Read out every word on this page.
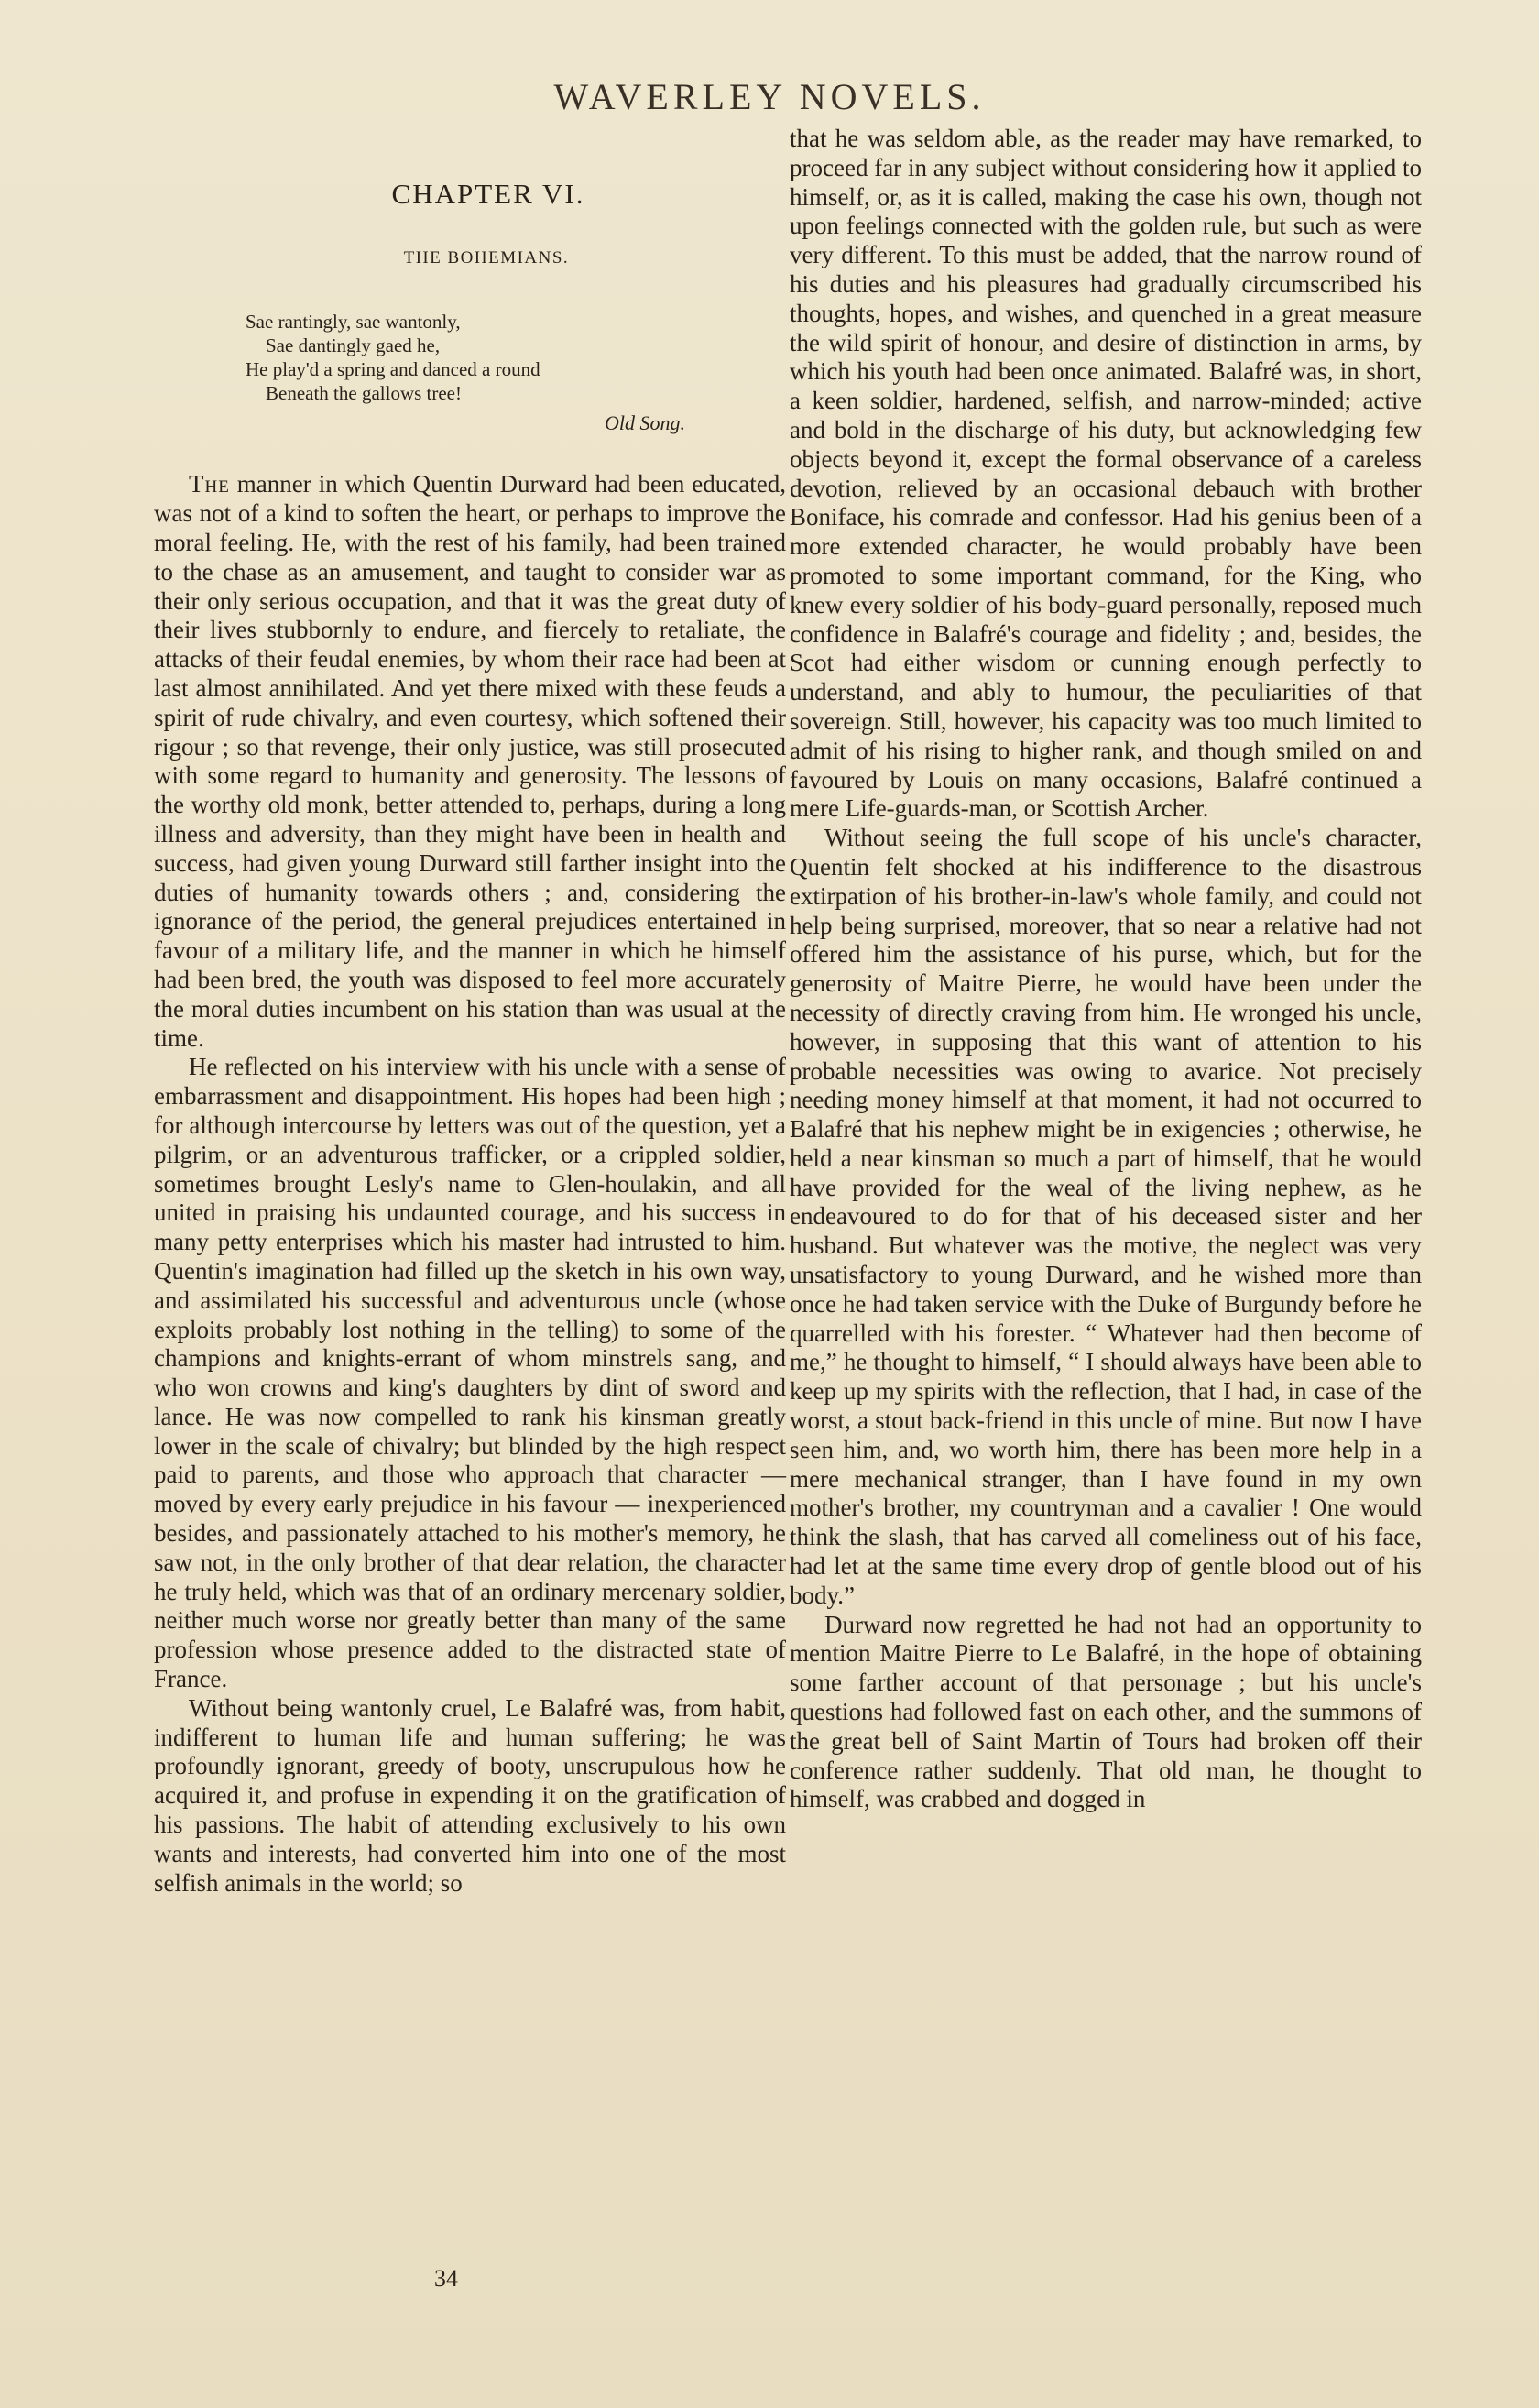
WAVERLEY NOVELS.
CHAPTER VI.
THE BOHEMIANS.
Sae rantingly, sae wantonly,
Sae dantingly gaed he,
He play'd a spring and danced a round
Beneath the gallows tree!
Old Song.

The manner in which Quentin Durward had been educated, was not of a kind to soften the heart, or perhaps to improve the moral feeling. He, with the rest of his family, had been trained to the chase as an amusement, and taught to consider war as their only serious occupation, and that it was the great duty of their lives stubbornly to endure, and fiercely to retaliate, the attacks of their feudal enemies, by whom their race had been at last almost annihilated. And yet there mixed with these feuds a spirit of rude chivalry, and even courtesy, which softened their rigour ; so that revenge, their only justice, was still prosecuted with some regard to humanity and generosity. The lessons of the worthy old monk, better attended to, perhaps, during a long illness and adversity, than they might have been in health and success, had given young Durward still farther insight into the duties of humanity towards others ; and, considering the ignorance of the period, the general prejudices entertained in favour of a military life, and the manner in which he himself had been bred, the youth was disposed to feel more accurately the moral duties incumbent on his station than was usual at the time.

He reflected on his interview with his uncle with a sense of embarrassment and disappointment. His hopes had been high ; for although intercourse by letters was out of the question, yet a pilgrim, or an adventurous trafficker, or a crippled soldier, sometimes brought Lesly's name to Glen-houlakin, and all united in praising his undaunted courage, and his success in many petty enterprises which his master had intrusted to him. Quentin's imagination had filled up the sketch in his own way, and assimilated his successful and adventurous uncle (whose exploits probably lost nothing in the telling) to some of the champions and knights-errant of whom minstrels sang, and who won crowns and king's daughters by dint of sword and lance. He was now compelled to rank his kinsman greatly lower in the scale of chivalry; but blinded by the high respect paid to parents, and those who approach that character — moved by every early prejudice in his favour — inexperienced besides, and passionately attached to his mother's memory, he saw not, in the only brother of that dear relation, the character he truly held, which was that of an ordinary mercenary soldier, neither much worse nor greatly better than many of the same profession whose presence added to the distracted state of France.

Without being wantonly cruel, Le Balafré was, from habit, indifferent to human life and human suffering; he was profoundly ignorant, greedy of booty, unscrupulous how he acquired it, and profuse in expending it on the gratification of his passions. The habit of attending exclusively to his own wants and interests, had converted him into one of the most selfish animals in the world; so

that he was seldom able, as the reader may have remarked, to proceed far in any subject without considering how it applied to himself, or, as it is called, making the case his own, though not upon feelings connected with the golden rule, but such as were very different. To this must be added, that the narrow round of his duties and his pleasures had gradually circumscribed his thoughts, hopes, and wishes, and quenched in a great measure the wild spirit of honour, and desire of distinction in arms, by which his youth had been once animated. Balafré was, in short, a keen soldier, hardened, selfish, and narrow-minded; active and bold in the discharge of his duty, but acknowledging few objects beyond it, except the formal observance of a careless devotion, relieved by an occasional debauch with brother Boniface, his comrade and confessor. Had his genius been of a more extended character, he would probably have been promoted to some important command, for the King, who knew every soldier of his body-guard personally, reposed much confidence in Balafré's courage and fidelity ; and, besides, the Scot had either wisdom or cunning enough perfectly to understand, and ably to humour, the peculiarities of that sovereign. Still, however, his capacity was too much limited to admit of his rising to higher rank, and though smiled on and favoured by Louis on many occasions, Balafré continued a mere Life-guards-man, or Scottish Archer.

Without seeing the full scope of his uncle's character, Quentin felt shocked at his indifference to the disastrous extirpation of his brother-in-law's whole family, and could not help being surprised, moreover, that so near a relative had not offered him the assistance of his purse, which, but for the generosity of Maitre Pierre, he would have been under the necessity of directly craving from him. He wronged his uncle, however, in supposing that this want of attention to his probable necessities was owing to avarice. Not precisely needing money himself at that moment, it had not occurred to Balafré that his nephew might be in exigencies ; otherwise, he held a near kinsman so much a part of himself, that he would have provided for the weal of the living nephew, as he endeavoured to do for that of his deceased sister and her husband. But whatever was the motive, the neglect was very unsatisfactory to young Durward, and he wished more than once he had taken service with the Duke of Burgundy before he quarrelled with his forester. “ Whatever had then become of me,” he thought to himself, “ I should always have been able to keep up my spirits with the reflection, that I had, in case of the worst, a stout back-friend in this uncle of mine. But now I have seen him, and, wo worth him, there has been more help in a mere mechanical stranger, than I have found in my own mother's brother, my countryman and a cavalier ! One would think the slash, that has carved all comeliness out of his face, had let at the same time every drop of gentle blood out of his body.”

Durward now regretted he had not had an opportunity to mention Maitre Pierre to Le Balafré, in the hope of obtaining some farther account of that personage ; but his uncle's questions had followed fast on each other, and the summons of the great bell of Saint Martin of Tours had broken off their conference rather suddenly. That old man, he thought to himself, was crabbed and dogged in

34
